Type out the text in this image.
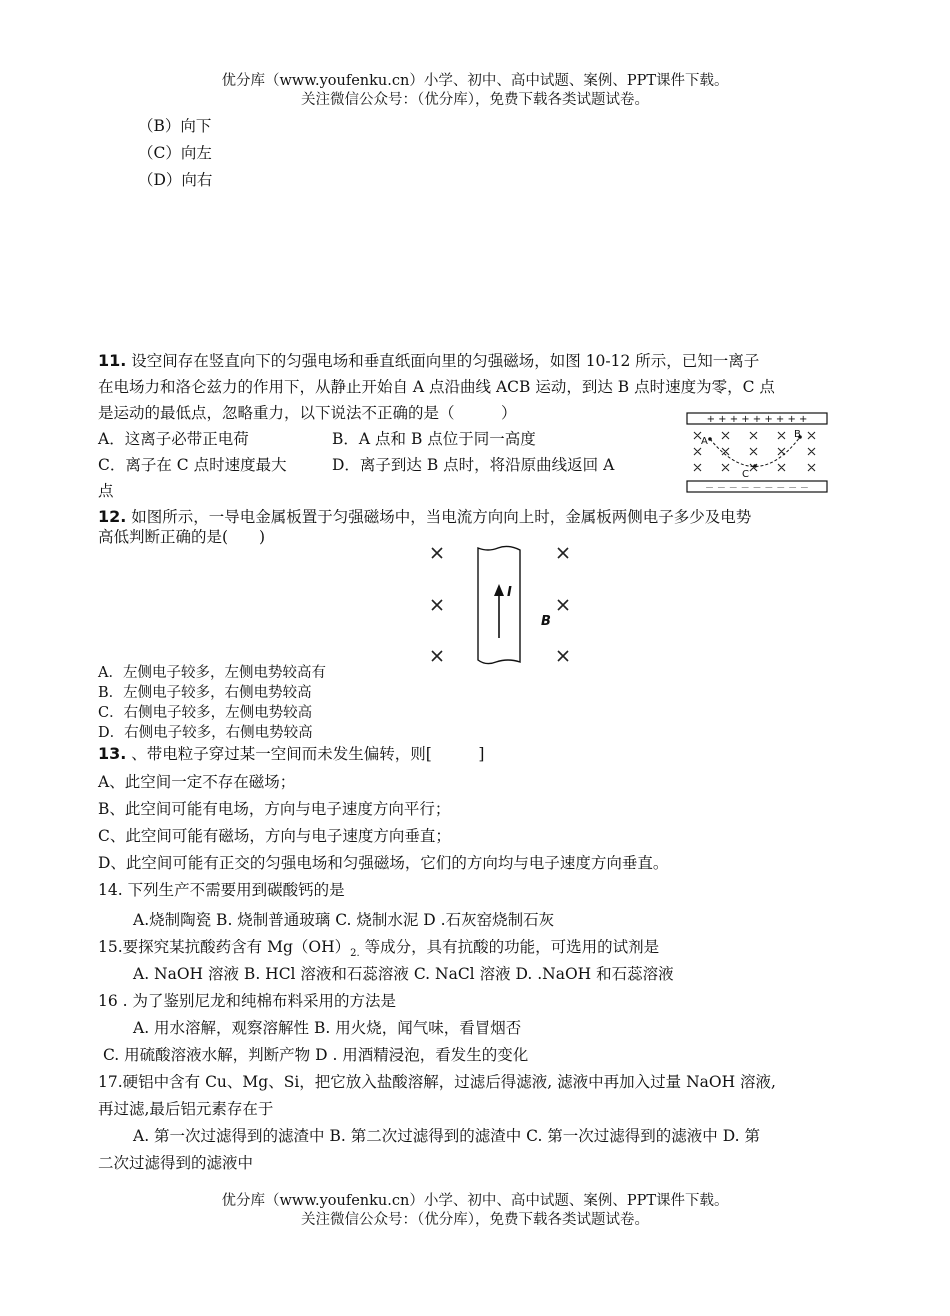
优分库（www.youfenku.cn）小学、初中、高中试题、案例、PPT课件下载。
关注微信公众号：（优分库），免费下载各类试题试卷。
（B）向下
（C）向左
（D）向右
11. 设空间存在竖直向下的匀强电场和垂直纸面向里的匀强磁场，如图 10-12 所示，已知一离子
在电场力和洛仑兹力的作用下，从静止开始自 A 点沿曲线 ACB 运动，到达 B 点时速度为零，C 点
是运动的最低点，忽略重力，以下说法不正确的是（　　　）
A．这离子必带正电荷	B．A 点和 B 点位于同一高度
C．离子在 C 点时速度最大	D．离子到达 B 点时，将沿原曲线返回 A
点
+ + + + + + + + +
－ － － － － － － － －
A
B
C
12. 如图所示，一导电金属板置于匀强磁场中，当电流方向向上时，金属板两侧电子多少及电势
高低判断正确的是(　　)
I
B
A．左侧电子较多，左侧电势较高有
B．左侧电子较多，右侧电势较高
C．右侧电子较多，左侧电势较高
D．右侧电子较多，右侧电势较高
13. 、带电粒子穿过某一空间而未发生偏转，则[　　　]
A、此空间一定不存在磁场；
B、此空间可能有电场，方向与电子速度方向平行；
C、此空间可能有磁场，方向与电子速度方向垂直；
D、此空间可能有正交的匀强电场和匀强磁场，它们的方向均与电子速度方向垂直。
14. 下列生产不需要用到碳酸钙的是
A.烧制陶瓷 B. 烧制普通玻璃 C. 烧制水泥 D .石灰窑烧制石灰
15.要探究某抗酸药含有 $Mg(OH)_{2.}$ 等成分，具有抗酸的功能，可选用的试剂是
A. NaOH 溶液 B. HCl 溶液和石蕊溶液 C. NaCl 溶液 D. .NaOH 和石蕊溶液
16 . 为了鉴别尼龙和纯棉布料采用的方法是
A. 用水溶解，观察溶解性 B. 用火烧，闻气味，看冒烟否
C. 用硫酸溶液水解，判断产物 D . 用酒精浸泡，看发生的变化
17.硬铝中含有 Cu、Mg、Si，把它放入盐酸溶解，过滤后得滤液, 滤液中再加入过量 NaOH 溶液,
再过滤,最后铝元素存在于
A. 第一次过滤得到的滤渣中 B. 第二次过滤得到的滤渣中 C. 第一次过滤得到的滤液中 D. 第
二次过滤得到的滤液中
优分库（www.youfenku.cn）小学、初中、高中试题、案例、PPT课件下载。
关注微信公众号：（优分库），免费下载各类试题试卷。
